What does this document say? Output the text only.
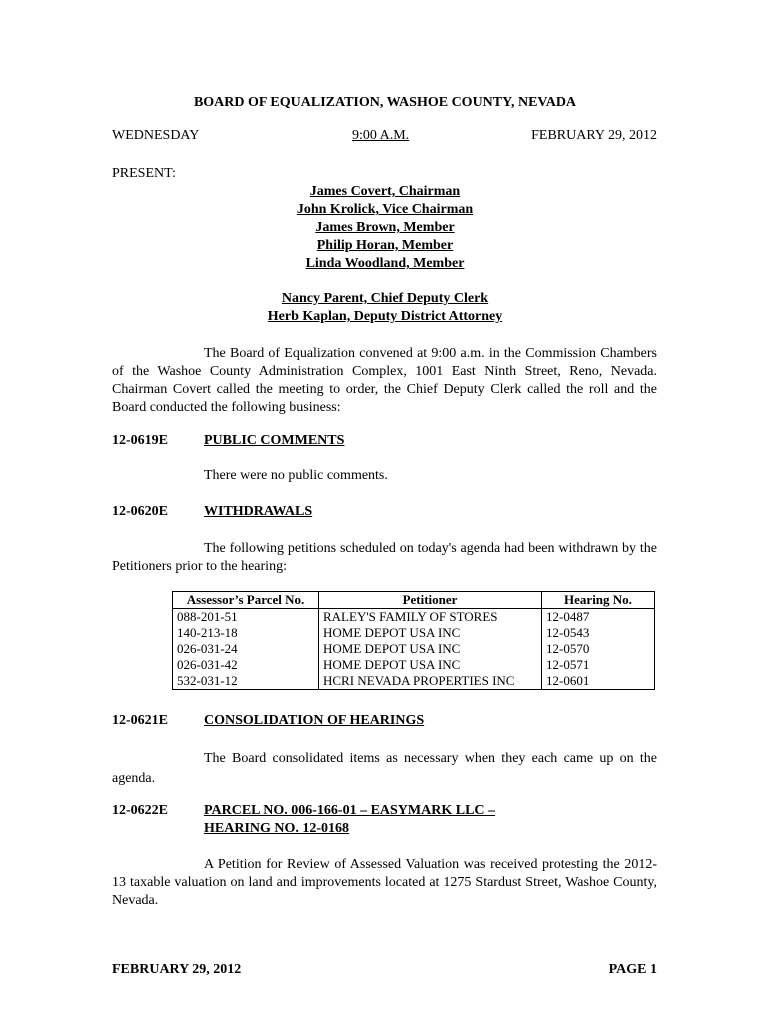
BOARD OF EQUALIZATION, WASHOE COUNTY, NEVADA
WEDNESDAY	9:00 A.M.	FEBRUARY 29, 2012
PRESENT:
James Covert, Chairman
John Krolick, Vice Chairman
James Brown, Member
Philip Horan, Member
Linda Woodland, Member
Nancy Parent, Chief Deputy Clerk
Herb Kaplan, Deputy District Attorney
The Board of Equalization convened at 9:00 a.m. in the Commission Chambers of the Washoe County Administration Complex, 1001 East Ninth Street, Reno, Nevada. Chairman Covert called the meeting to order, the Chief Deputy Clerk called the roll and the Board conducted the following business:
12-0619E	PUBLIC COMMENTS
There were no public comments.
12-0620E	WITHDRAWALS
The following petitions scheduled on today's agenda had been withdrawn by the Petitioners prior to the hearing:
Assessor’s Parcel No.	Petitioner	Hearing No.
088-201-51	RALEY'S FAMILY OF STORES	12-0487
140-213-18	HOME DEPOT USA INC	12-0543
026-031-24	HOME DEPOT USA INC	12-0570
026-031-42	HOME DEPOT USA INC	12-0571
532-031-12	HCRI NEVADA PROPERTIES INC	12-0601
12-0621E	CONSOLIDATION OF HEARINGS
The Board consolidated items as necessary when they each came up on the agenda.
12-0622E	PARCEL NO. 006-166-01 – EASYMARK LLC –
HEARING NO. 12-0168
A Petition for Review of Assessed Valuation was received protesting the 2012-13 taxable valuation on land and improvements located at 1275 Stardust Street, Washoe County, Nevada.
FEBRUARY 29, 2012	PAGE 1
